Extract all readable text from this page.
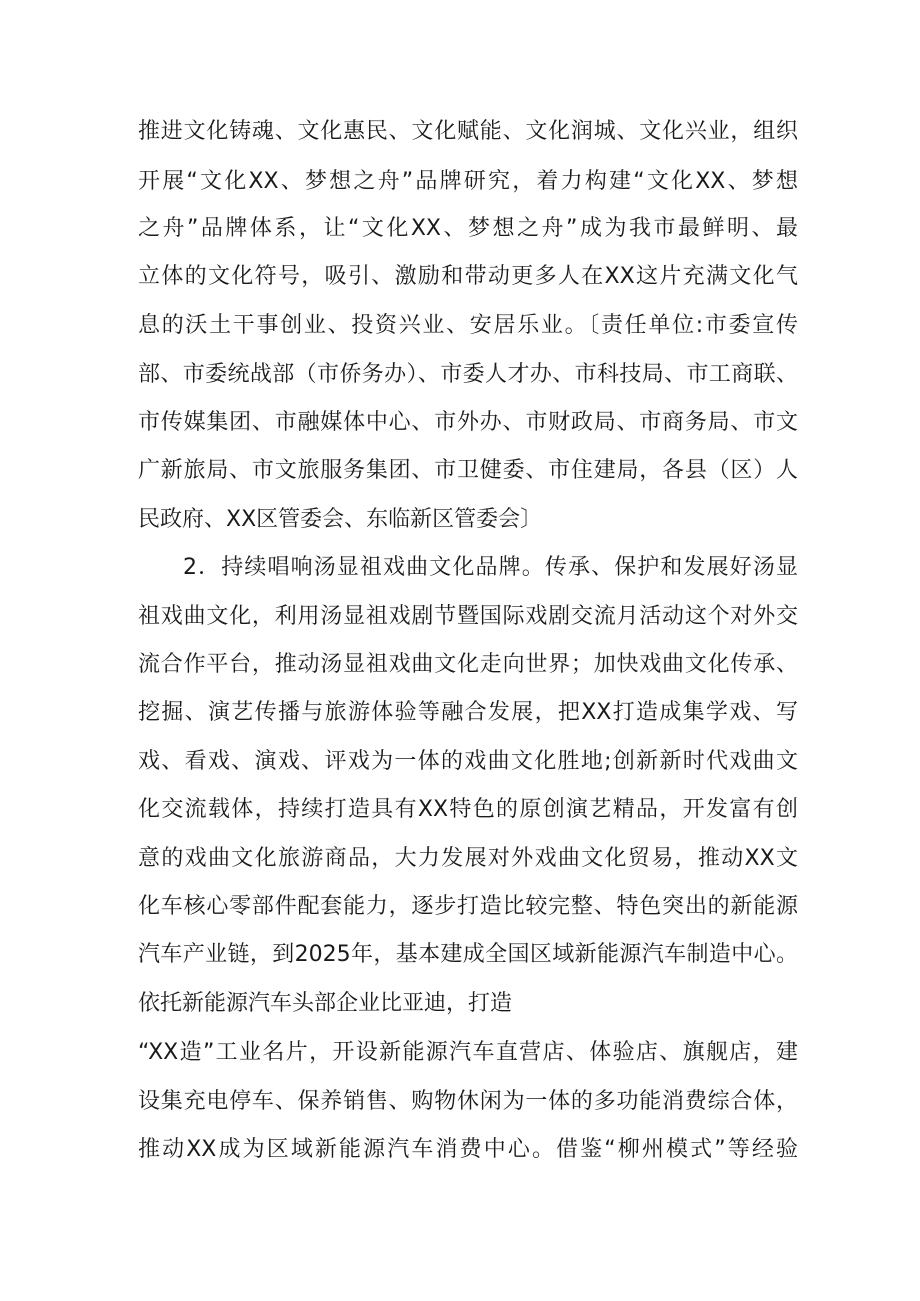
推进文化铸魂、文化惠民、文化赋能、文化润城、文化兴业，组织
开展“文化XX、梦想之舟”品牌研究，着力构建“文化XX、梦想
之舟”品牌体系，让“文化XX、梦想之舟”成为我市最鲜明、最
立体的文化符号，吸引、激励和带动更多人在XX这片充满文化气
息的沃土干事创业、投资兴业、安居乐业。〔责任单位:市委宣传
部、市委统战部（市侨务办）、市委人才办、市科技局、市工商联、
市传媒集团、市融媒体中心、市外办、市财政局、市商务局、市文
广新旅局、市文旅服务集团、市卫健委、市住建局，各县（区）人
民政府、XX区管委会、东临新区管委会〕
2．持续唱响汤显祖戏曲文化品牌。传承、保护和发展好汤显
祖戏曲文化，利用汤显祖戏剧节暨国际戏剧交流月活动这个对外交
流合作平台，推动汤显祖戏曲文化走向世界；加快戏曲文化传承、
挖掘、演艺传播与旅游体验等融合发展，把XX打造成集学戏、写
戏、看戏、演戏、评戏为一体的戏曲文化胜地;创新新时代戏曲文
化交流载体，持续打造具有XX特色的原创演艺精品，开发富有创
意的戏曲文化旅游商品，大力发展对外戏曲文化贸易，推动XX文
化车核心零部件配套能力，逐步打造比较完整、特色突出的新能源
汽车产业链，到2025年，基本建成全国区域新能源汽车制造中心。
依托新能源汽车头部企业比亚迪，打造
“XX造”工业名片，开设新能源汽车直营店、体验店、旗舰店，建
设集充电停车、保养销售、购物休闲为一体的多功能消费综合体，
推动XX成为区域新能源汽车消费中心。借鉴“柳州模式”等经验
